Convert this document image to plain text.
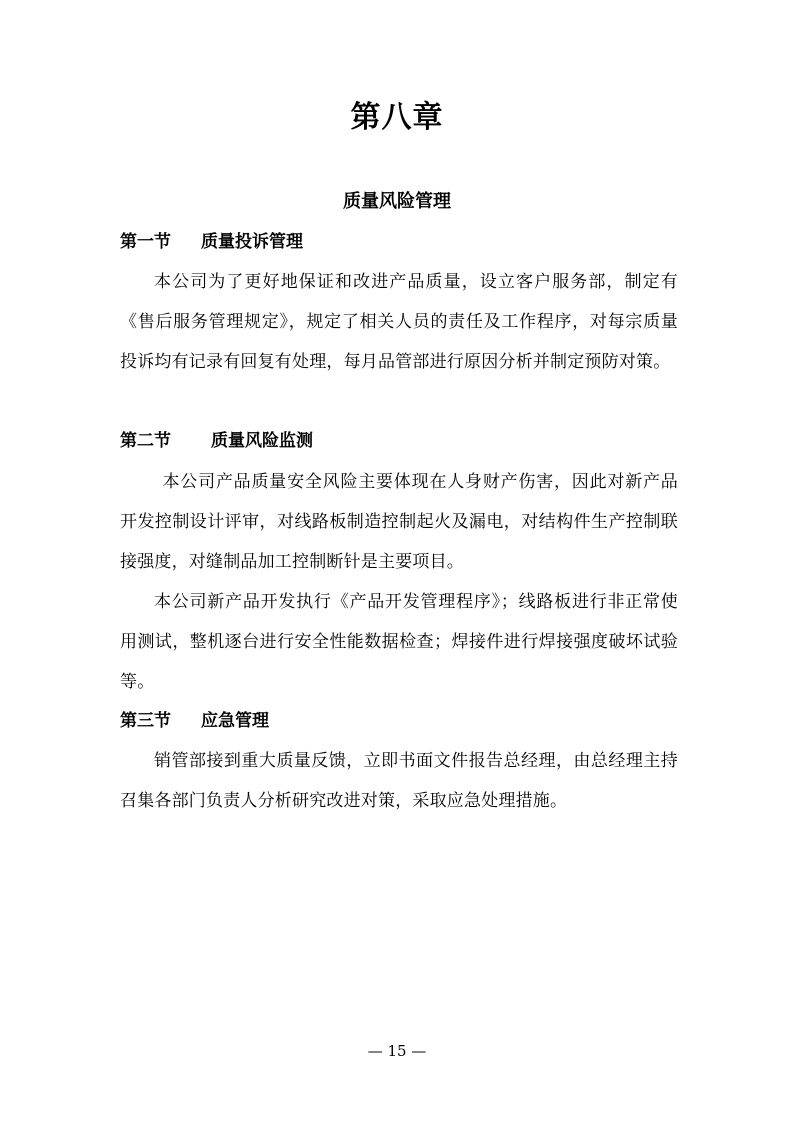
第八章
质量风险管理
第一节 质量投诉管理

本公司为了更好地保证和改进产品质量，设立客户服务部，制定有《售后服务管理规定》，规定了相关人员的责任及工作程序，对每宗质量投诉均有记录有回复有处理，每月品管部进行原因分析并制定预防对策。

第二节 质量风险监测

本公司产品质量安全风险主要体现在人身财产伤害，因此对新产品开发控制设计评审，对线路板制造控制起火及漏电，对结构件生产控制联接强度，对缝制品加工控制断针是主要项目。

本公司新产品开发执行《产品开发管理程序》；线路板进行非正常使用测试，整机逐台进行安全性能数据检查；焊接件进行焊接强度破坏试验等。

第三节 应急管理

销管部接到重大质量反馈，立即书面文件报告总经理，由总经理主持召集各部门负责人分析研究改进对策，采取应急处理措施。

— 15 —
